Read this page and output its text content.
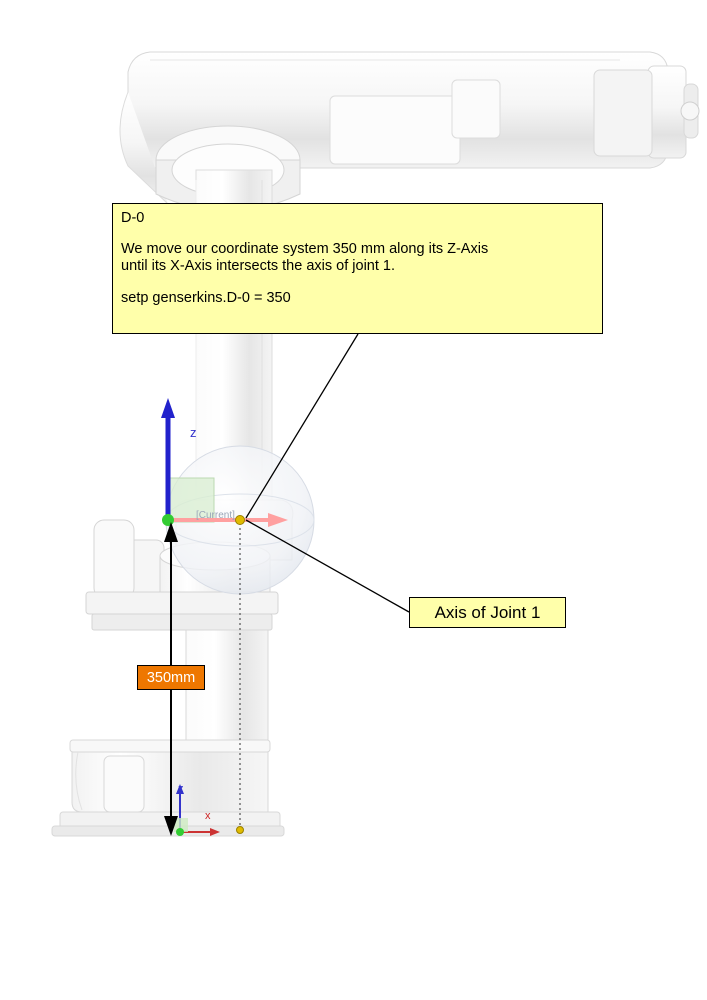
D-0

We move our coordinate system 350 mm along its Z-Axis

until its X-Axis intersects the axis of joint 1.

setp genserkins.D-0 = 350

Axis of Joint 1
350mm
z
z
x
[Current]
